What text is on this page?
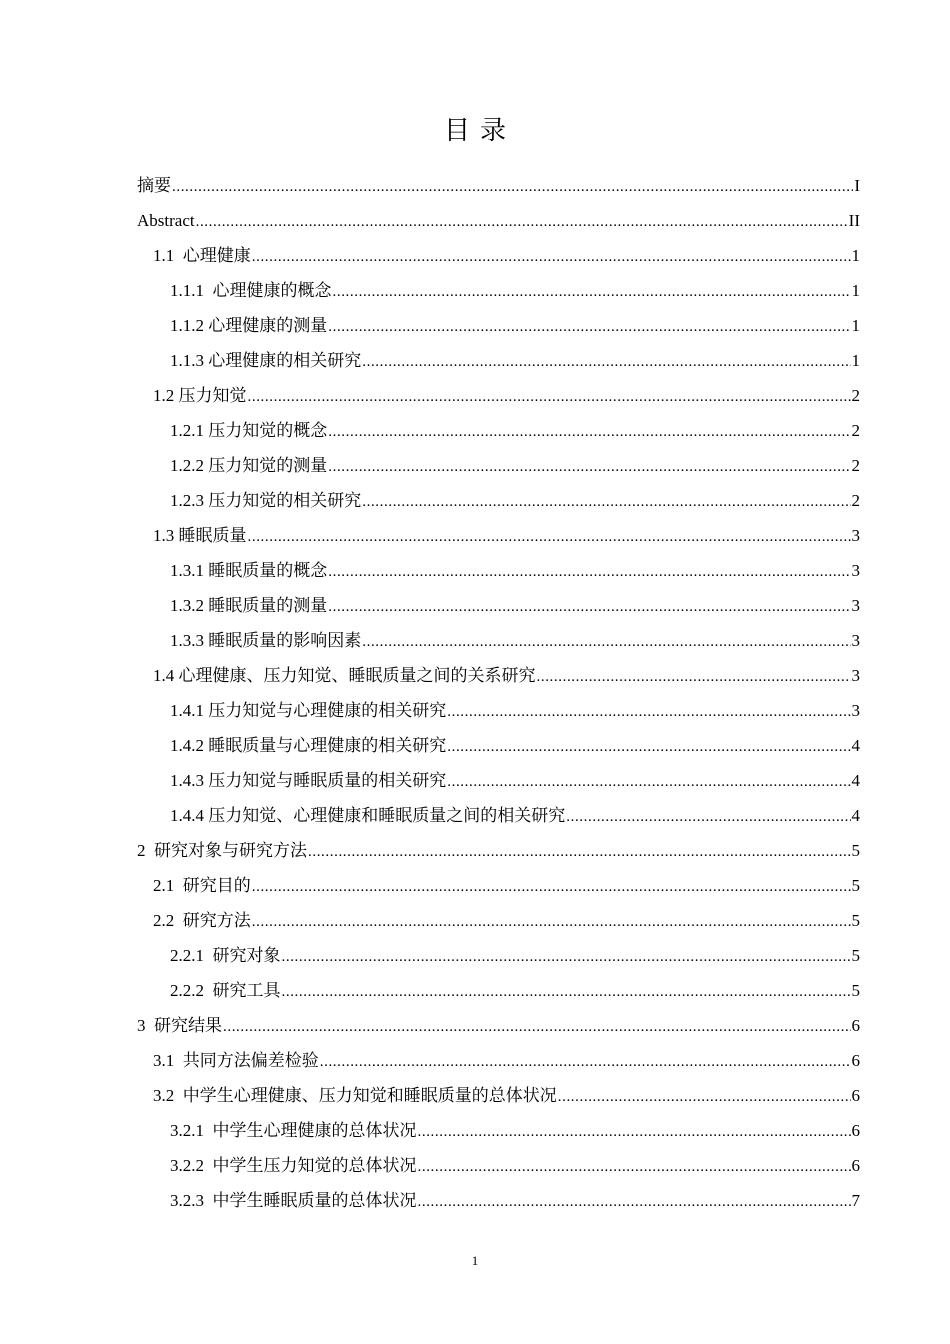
目录
摘要 .....	I
Abstract .....	II
1.1  心理健康 .....	1
1.1.1  心理健康的概念 .....	1
1.1.2 心理健康的测量 .....	1
1.1.3 心理健康的相关研究 .....	1
1.2 压力知觉 .....	2
1.2.1 压力知觉的概念 .....	2
1.2.2 压力知觉的测量 .....	2
1.2.3 压力知觉的相关研究 .....	2
1.3 睡眠质量 .....	3
1.3.1 睡眠质量的概念 .....	3
1.3.2 睡眠质量的测量 .....	3
1.3.3 睡眠质量的影响因素 .....	3
1.4 心理健康、压力知觉、睡眠质量之间的关系研究 .....	3
1.4.1 压力知觉与心理健康的相关研究 .....	3
1.4.2 睡眠质量与心理健康的相关研究 .....	4
1.4.3 压力知觉与睡眠质量的相关研究 .....	4
1.4.4 压力知觉、心理健康和睡眠质量之间的相关研究 .....	4
2  研究对象与研究方法 .....	5
2.1  研究目的 .....	5
2.2  研究方法 .....	5
2.2.1  研究对象 .....	5
2.2.2  研究工具 .....	5
3  研究结果 .....	6
3.1  共同方法偏差检验 .....	6
3.2  中学生心理健康、压力知觉和睡眠质量的总体状况 .....	6
3.2.1  中学生心理健康的总体状况 .....	6
3.2.2  中学生压力知觉的总体状况 .....	6
3.2.3  中学生睡眠质量的总体状况 .....	7
1
